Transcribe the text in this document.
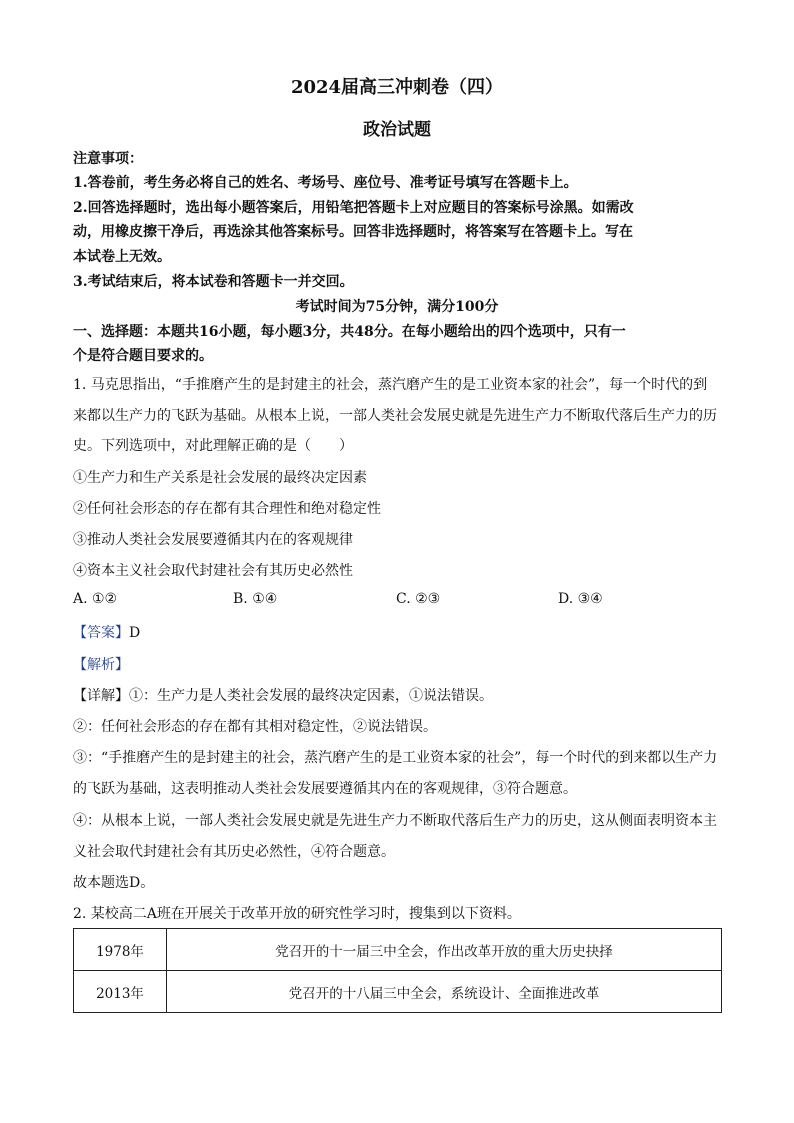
2024届高三冲刺卷（四）
政治试题
注意事项：
1.答卷前，考生务必将自己的姓名、考场号、座位号、准考证号填写在答题卡上。
2.回答选择题时，选出每小题答案后，用铅笔把答题卡上对应题目的答案标号涂黑。如需改
动，用橡皮擦干净后，再选涂其他答案标号。回答非选择题时，将答案写在答题卡上。写在
本试卷上无效。
3.考试结束后，将本试卷和答题卡一并交回。
考试时间为75分钟，满分100分
一、选择题：本题共16小题，每小题3分，共48分。在每小题给出的四个选项中，只有一
个是符合题目要求的。
1. 马克思指出，“手推磨产生的是封建主的社会，蒸汽磨产生的是工业资本家的社会”，每一个时代的到
来都以生产力的飞跃为基础。从根本上说，一部人类社会发展史就是先进生产力不断取代落后生产力的历
史。下列选项中，对此理解正确的是（　　）
①生产力和生产关系是社会发展的最终决定因素
②任何社会形态的存在都有其合理性和绝对稳定性
③推动人类社会发展要遵循其内在的客观规律
④资本主义社会取代封建社会有其历史必然性
A. ①②	B. ①④	C. ②③	D. ③④
【答案】D
【解析】
【详解】①：生产力是人类社会发展的最终决定因素，①说法错误。
②：任何社会形态的存在都有其相对稳定性，②说法错误。
③：“手推磨产生的是封建主的社会，蒸汽磨产生的是工业资本家的社会”，每一个时代的到来都以生产力
的飞跃为基础，这表明推动人类社会发展要遵循其内在的客观规律，③符合题意。
④：从根本上说，一部人类社会发展史就是先进生产力不断取代落后生产力的历史，这从侧面表明资本主
义社会取代封建社会有其历史必然性，④符合题意。
故本题选D。
2. 某校高二A班在开展关于改革开放的研究性学习时，搜集到以下资料。
1978年	党召开的十一届三中全会，作出改革开放的重大历史抉择
2013年	党召开的十八届三中全会，系统设计、全面推进改革
